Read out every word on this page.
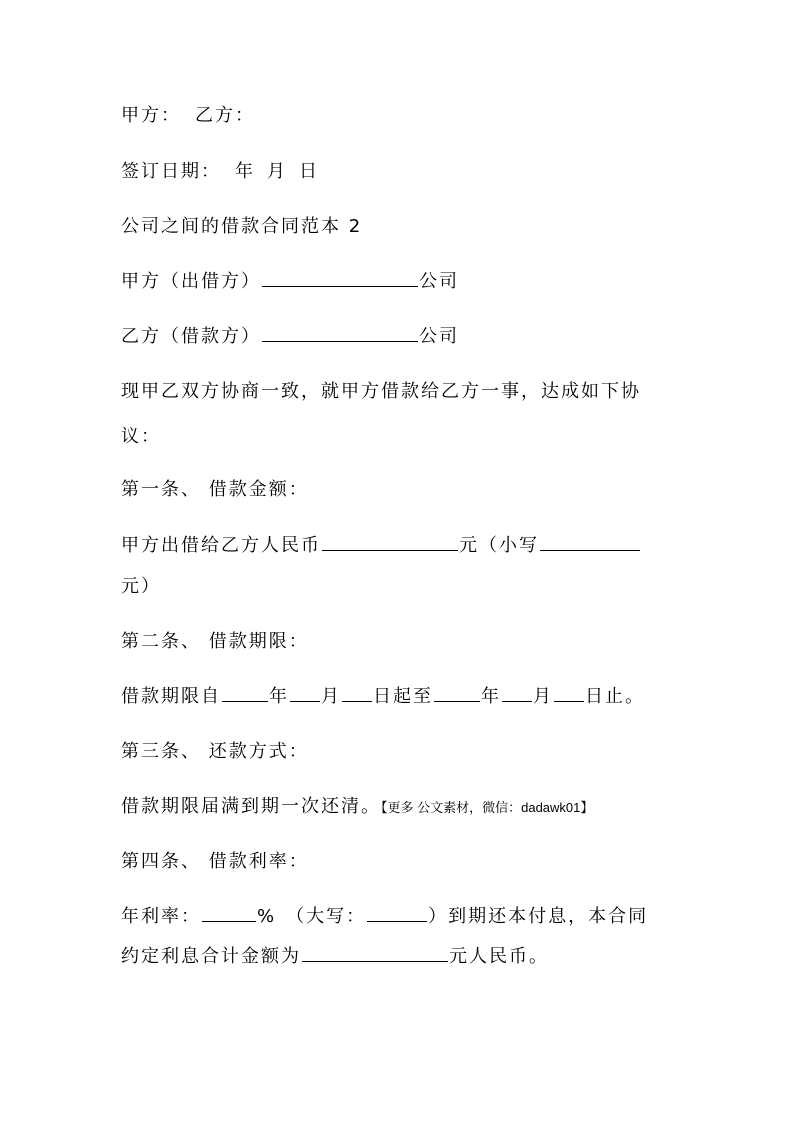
甲方： 乙方：
签订日期： 年 月 日
公司之间的借款合同范本 2
甲方（出借方）	公司
乙方（借款方）	公司
现甲乙双方协商一致，就甲方借款给乙方一事，达成如下协
议：
第一条、 借款金额：
甲方出借给乙方人民币	元（小写
元）
第二条、 借款期限：
借款期限自	年 月 日起至	年 月 日止。
第三条、 还款方式：
借款期限届满到期一次还清。【更多 公文素材，微信：dadawk01】
第四条、 借款利率：
年利率：	% （大写：	）到期还本付息，本合同
约定利息合计金额为	元人民币。
